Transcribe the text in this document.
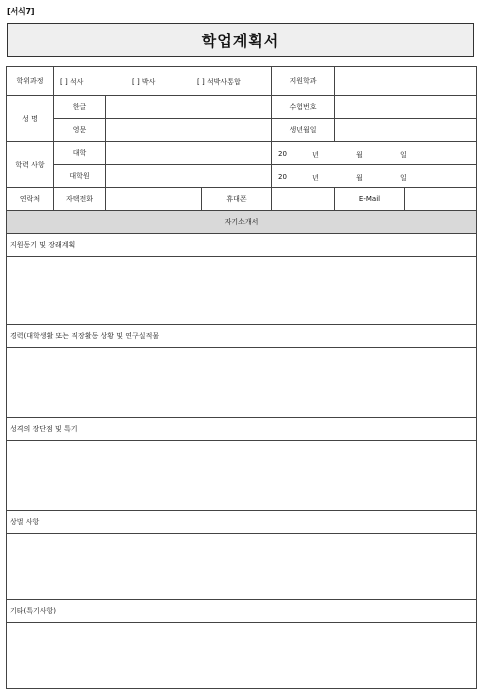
[서식7]
학업계획서
학위과정	[ ] 석사 [ ] 박사 [ ] 석박사통합			지원학과		
성 명	한글			수험번호		
	영문			생년월일		
학력 사항	대학			20 년 월 일		

	대학원			20 년 월 일		

연락처	자택전화		휴대폰		E-Mail	
자기소개서						
지원동기 및 장래계획						

경력(대학생활 또는 직장활동 상황 및 연구실적물						

성격의 장단점 및 특기						

상벌 사항						

기타(특기사항)						
